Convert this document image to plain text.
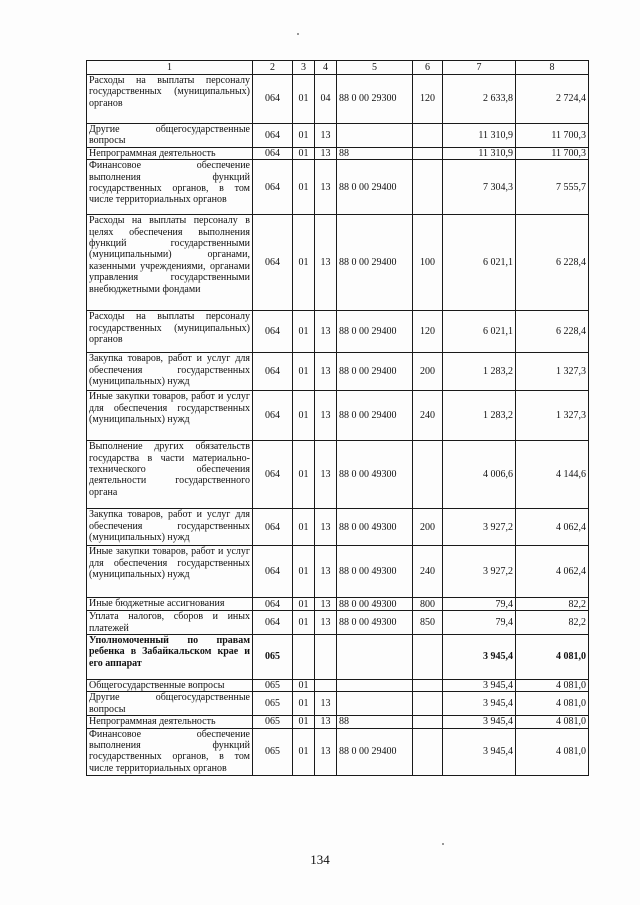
1	2	3	4	5	6	7	8
Расходы на выплаты персоналу государственных (муниципальных) органов	064	01	04	88 0 00 29300	120	2 633,8	2 724,4
Другие общегосударственные вопросы	064	01	13			11 310,9	11 700,3
Непрограммная деятельность	064	01	13	88		11 310,9	11 700,3
Финансовое обеспечение выполнения функций государственных органов, в том числе территориальных органов	064	01	13	88 0 00 29400		7 304,3	7 555,7
Расходы на выплаты персоналу в целях обеспечения выполнения функций государственными (муниципальными) органами, казенными учреждениями, органами управления государственными внебюджетными фондами	064	01	13	88 0 00 29400	100	6 021,1	6 228,4
Расходы на выплаты персоналу государственных (муниципальных) органов	064	01	13	88 0 00 29400	120	6 021,1	6 228,4
Закупка товаров, работ и услуг для обеспечения государственных (муниципальных) нужд	064	01	13	88 0 00 29400	200	1 283,2	1 327,3
Иные закупки товаров, работ и услуг для обеспечения государственных (муниципальных) нужд	064	01	13	88 0 00 29400	240	1 283,2	1 327,3
Выполнение других обязательств государства в части материально-технического обеспечения деятельности государственного органа	064	01	13	88 0 00 49300		4 006,6	4 144,6
Закупка товаров, работ и услуг для обеспечения государственных (муниципальных) нужд	064	01	13	88 0 00 49300	200	3 927,2	4 062,4
Иные закупки товаров, работ и услуг для обеспечения государственных (муниципальных) нужд	064	01	13	88 0 00 49300	240	3 927,2	4 062,4
Иные бюджетные ассигнования	064	01	13	88 0 00 49300	800	79,4	82,2
Уплата налогов, сборов и иных платежей	064	01	13	88 0 00 49300	850	79,4	82,2
Уполномоченный по правам ребенка в Забайкальском крае и его аппарат	065					3 945,4	4 081,0
Общегосударственные вопросы	065	01				3 945,4	4 081,0
Другие общегосударственные вопросы	065	01	13			3 945,4	4 081,0
Непрограммная деятельность	065	01	13	88		3 945,4	4 081,0
Финансовое обеспечение выполнения функций государственных органов, в том числе территориальных органов	065	01	13	88 0 00 29400		3 945,4	4 081,0
134
